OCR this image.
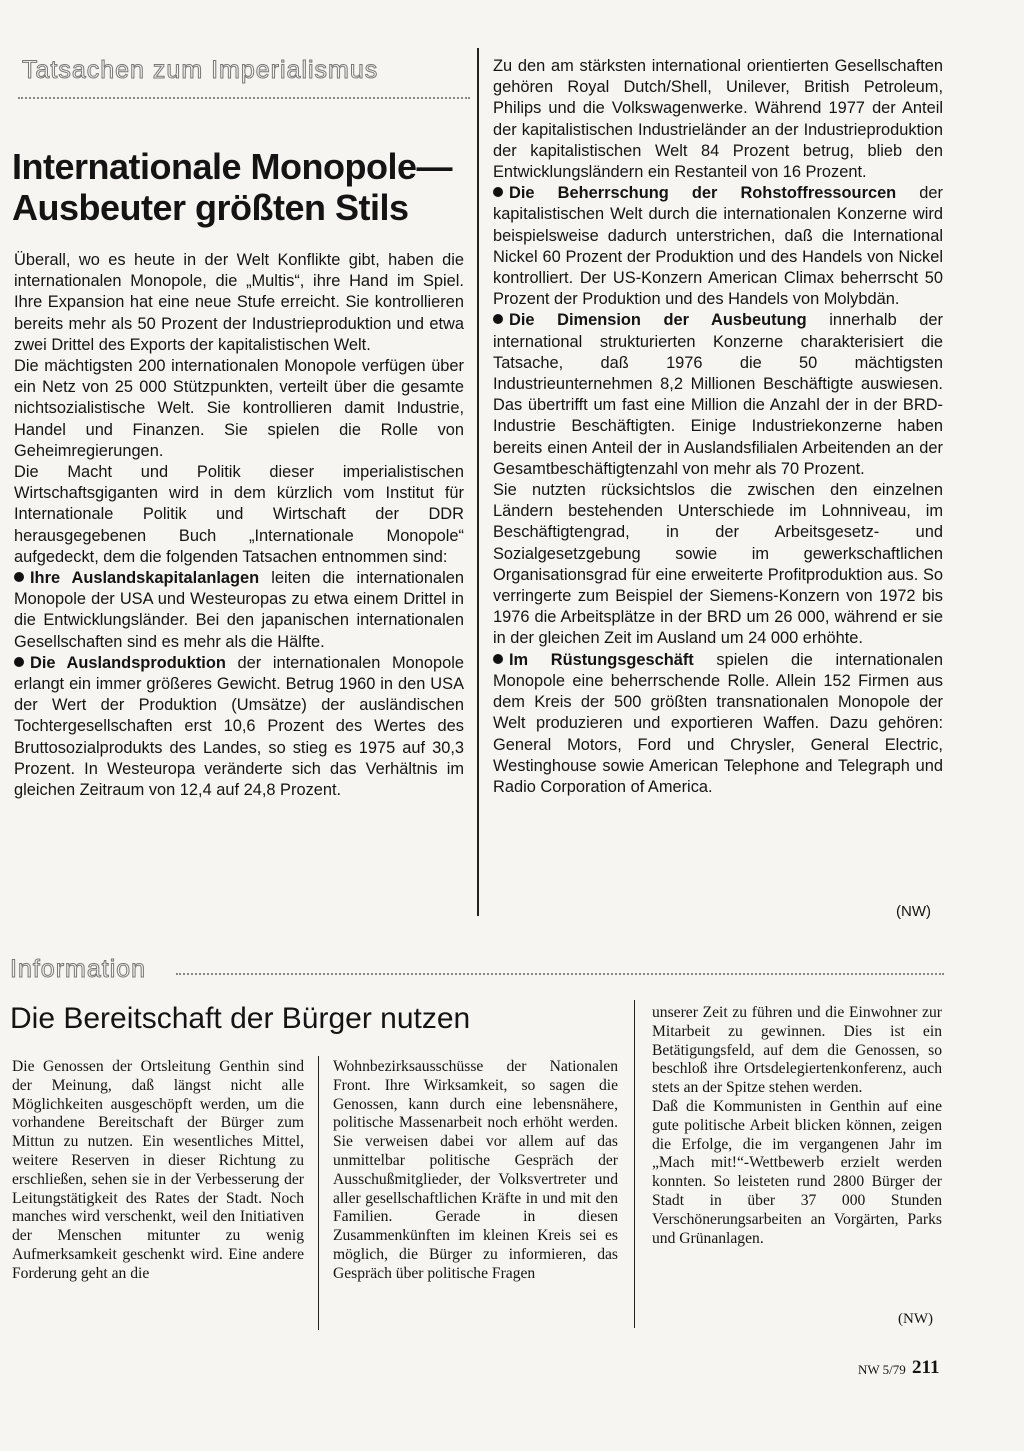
Tatsachen zum Imperialismus

Internationale Monopole—

Ausbeuter größten Stils

Überall, wo es heute in der Welt Konflikte gibt, haben die internationalen Monopole, die „Multis“, ihre Hand im Spiel. Ihre Expansion hat eine neue Stufe erreicht. Sie kontrollieren bereits mehr als 50 Prozent der Industrieproduktion und etwa zwei Drittel des Exports der kapitalistischen Welt.

Die mächtigsten 200 internationalen Monopole verfügen über ein Netz von 25 000 Stützpunkten, verteilt über die gesamte nichtsozialistische Welt. Sie kontrollieren damit Industrie, Handel und Finanzen. Sie spielen die Rolle von Geheimregierungen.

Die Macht und Politik dieser imperialistischen Wirtschaftsgiganten wird in dem kürzlich vom Institut für Internationale Politik und Wirtschaft der DDR herausgegebenen Buch „Internationale Monopole“ aufgedeckt, dem die folgenden Tatsachen entnommen sind:

Ihre Auslandskapitalanlagen leiten die internationalen Monopole der USA und Westeuropas zu etwa einem Drittel in die Entwicklungsländer. Bei den japanischen internationalen Gesellschaften sind es mehr als die Hälfte.

Die Auslandsproduktion der internationalen Monopole erlangt ein immer größeres Gewicht. Betrug 1960 in den USA der Wert der Produktion (Umsätze) der ausländischen Tochtergesellschaften erst 10,6 Prozent des Wertes des Bruttosozialprodukts des Landes, so stieg es 1975 auf 30,3 Prozent. In Westeuropa veränderte sich das Verhältnis im gleichen Zeitraum von 12,4 auf 24,8 Prozent.

Zu den am stärksten international orientierten Gesellschaften gehören Royal Dutch/Shell, Unilever, British Petroleum, Philips und die Volkswagenwerke. Während 1977 der Anteil der kapitalistischen Industrieländer an der Industrieproduktion der kapitalistischen Welt 84 Prozent betrug, blieb den Entwicklungsländern ein Restanteil von 16 Prozent.

Die Beherrschung der Rohstoffressourcen der kapitalistischen Welt durch die internationalen Konzerne wird beispielsweise dadurch unterstrichen, daß die International Nickel 60 Prozent der Produktion und des Handels von Nickel kontrolliert. Der US-Konzern American Climax beherrscht 50 Prozent der Produktion und des Handels von Molybdän.

Die Dimension der Ausbeutung innerhalb der international strukturierten Konzerne charakterisiert die Tatsache, daß 1976 die 50 mächtigsten Industrieunternehmen 8,2 Millionen Beschäftigte auswiesen. Das übertrifft um fast eine Million die Anzahl der in der BRD-Industrie Beschäftigten. Einige Industriekonzerne haben bereits einen Anteil der in Auslandsfilialen Arbeitenden an der Gesamtbeschäftigtenzahl von mehr als 70 Prozent.

Sie nutzten rücksichtslos die zwischen den einzelnen Ländern bestehenden Unterschiede im Lohnniveau, im Beschäftigtengrad, in der Arbeitsgesetz- und Sozialgesetzgebung sowie im gewerkschaftlichen Organisationsgrad für eine erweiterte Profitproduktion aus. So verringerte zum Beispiel der Siemens-Konzern von 1972 bis 1976 die Arbeitsplätze in der BRD um 26 000, während er sie in der gleichen Zeit im Ausland um 24 000 erhöhte.

Im Rüstungsgeschäft spielen die internationalen Monopole eine beherrschende Rolle. Allein 152 Firmen aus dem Kreis der 500 größten transnationalen Monopole der Welt produzieren und exportieren Waffen. Dazu gehören: General Motors, Ford und Chrysler, General Electric, Westinghouse sowie American Telephone and Telegraph und Radio Corporation of America.

(NW)
Information
Die Bereitschaft der Bürger nutzen

Die Genossen der Ortsleitung Genthin sind der Meinung, daß längst nicht alle Möglichkeiten ausgeschöpft werden, um die vorhandene Bereitschaft der Bürger zum Mittun zu nutzen. Ein wesentliches Mittel, weitere Reserven in dieser Richtung zu erschließen, sehen sie in der Verbesserung der Leitungstätigkeit des Rates der Stadt. Noch manches wird verschenkt, weil den Initiativen der Menschen mitunter zu wenig Aufmerksamkeit geschenkt wird. Eine andere Forderung geht an die

Wohnbezirksausschüsse der Nationalen Front. Ihre Wirksamkeit, so sagen die Genossen, kann durch eine lebensnähere, politische Massenarbeit noch erhöht werden. Sie verweisen dabei vor allem auf das unmittelbar politische Gespräch der Ausschußmitglieder, der Volksvertreter und aller gesellschaftlichen Kräfte in und mit den Familien. Gerade in diesen Zusammenkünften im kleinen Kreis sei es möglich, die Bürger zu informieren, das Gespräch über politische Fragen

unserer Zeit zu führen und die Einwohner zur Mitarbeit zu gewinnen. Dies ist ein Betätigungsfeld, auf dem die Genossen, so beschloß ihre Ortsdelegiertenkonferenz, auch stets an der Spitze stehen werden.

Daß die Kommunisten in Genthin auf eine gute politische Arbeit blicken können, zeigen die Erfolge, die im vergangenen Jahr im „Mach mit!“-Wettbewerb erzielt werden konnten. So leisteten rund 2800 Bürger der Stadt in über 37 000 Stunden Verschönerungsarbeiten an Vorgärten, Parks und Grünanlagen.

(NW)
NW 5/79 211
